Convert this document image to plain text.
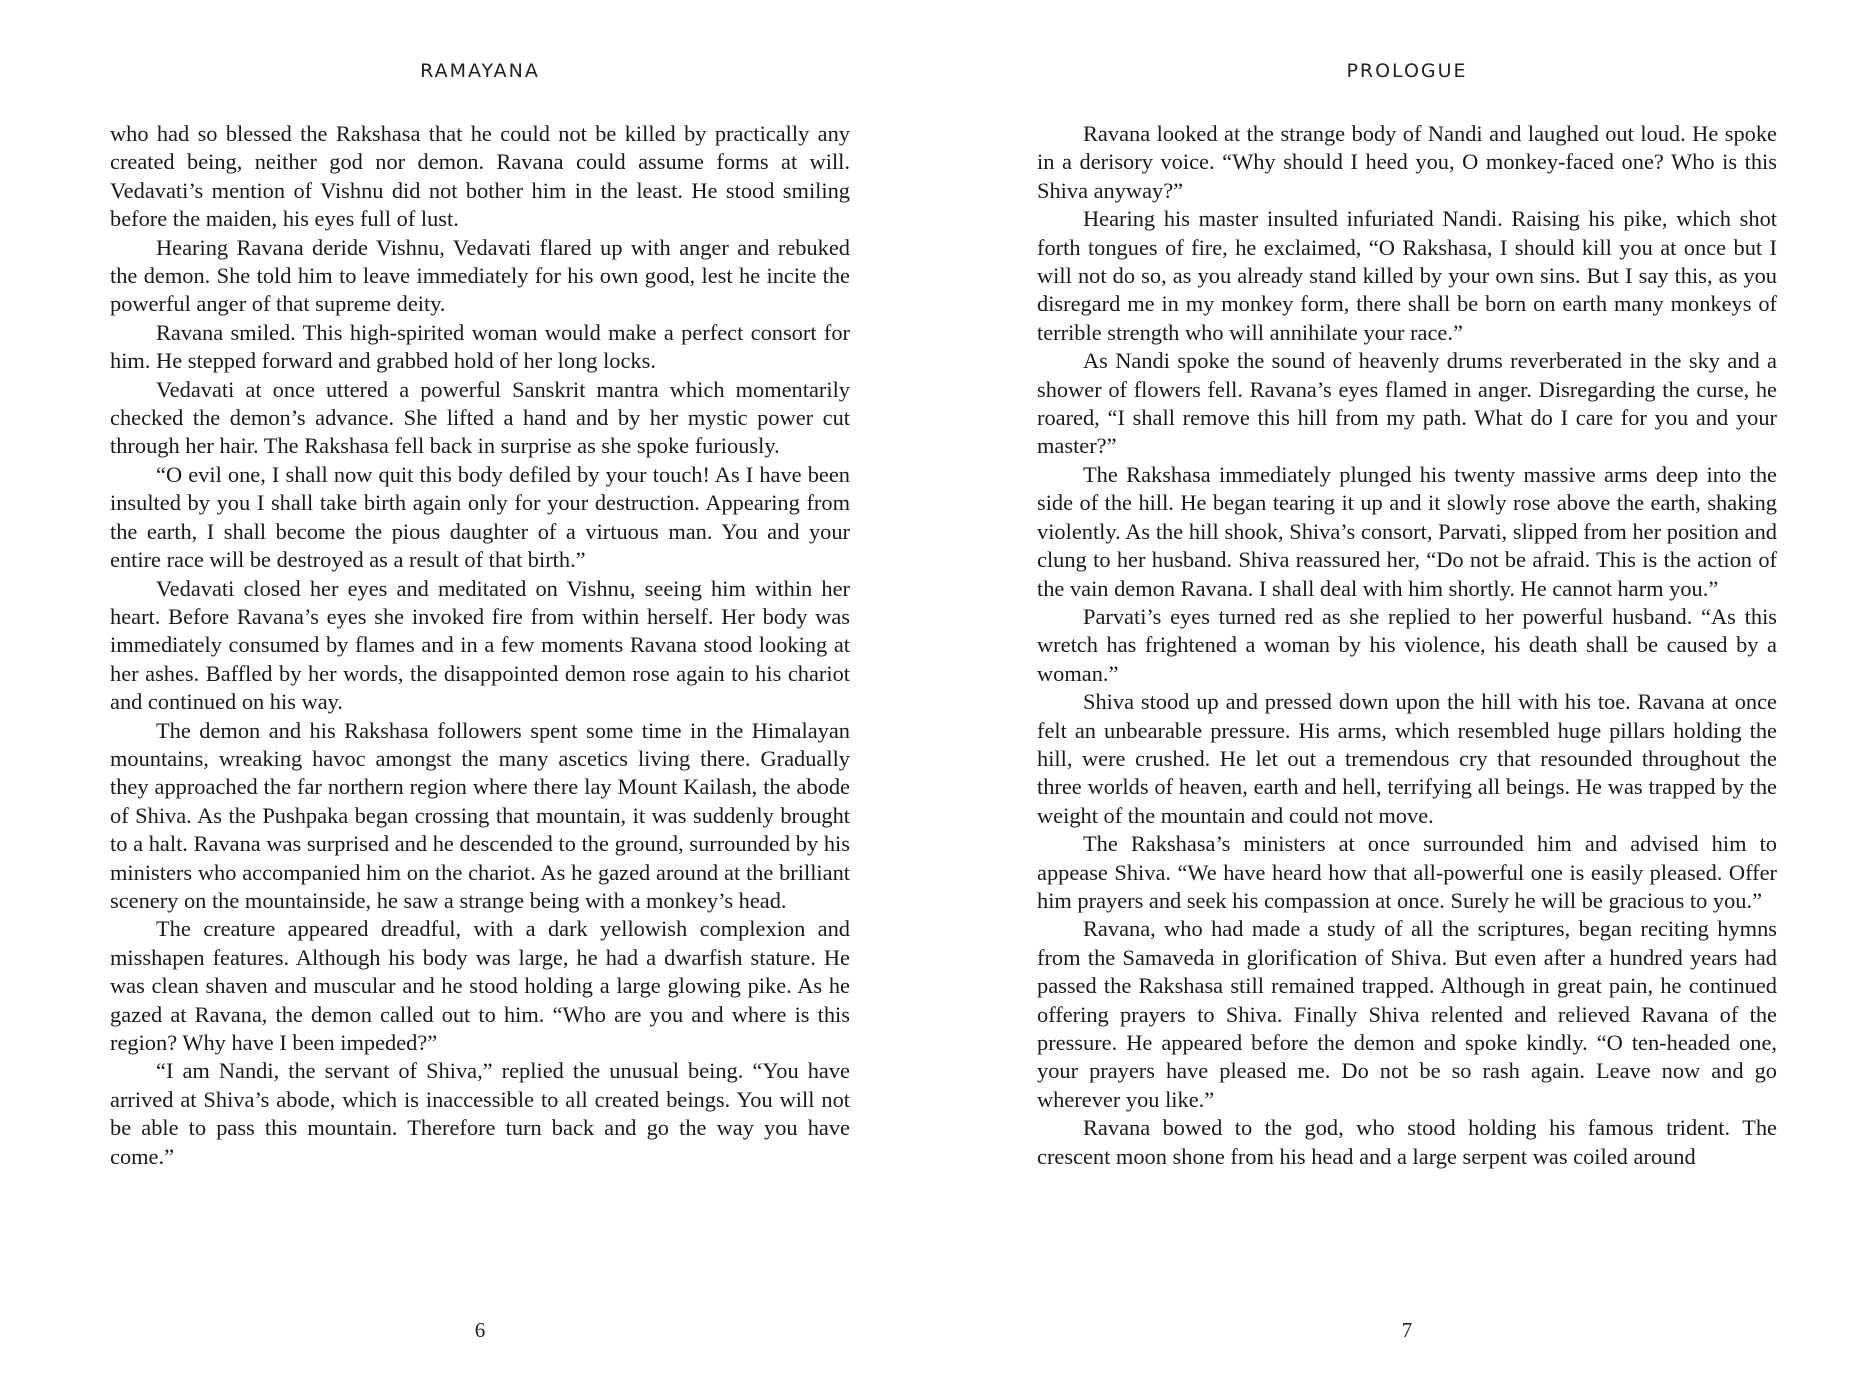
RAMAYANA

who had so blessed the Rakshasa that he could not be killed by practically any created being, neither god nor demon. Ravana could assume forms at will. Vedavati’s mention of Vishnu did not bother him in the least. He stood smiling before the maiden, his eyes full of lust.

Hearing Ravana deride Vishnu, Vedavati flared up with anger and rebuked the demon. She told him to leave immediately for his own good, lest he incite the powerful anger of that supreme deity.

Ravana smiled. This high-spirited woman would make a perfect consort for him. He stepped forward and grabbed hold of her long locks.

Vedavati at once uttered a powerful Sanskrit mantra which momentarily checked the demon’s advance. She lifted a hand and by her mystic power cut through her hair. The Rakshasa fell back in surprise as she spoke furiously.

“O evil one, I shall now quit this body defiled by your touch! As I have been insulted by you I shall take birth again only for your destruction. Appearing from the earth, I shall become the pious daughter of a virtuous man. You and your entire race will be destroyed as a result of that birth.”

Vedavati closed her eyes and meditated on Vishnu, seeing him within her heart. Before Ravana’s eyes she invoked fire from within herself. Her body was immediately consumed by flames and in a few moments Ravana stood looking at her ashes. Baffled by her words, the disappointed demon rose again to his chariot and continued on his way.

The demon and his Rakshasa followers spent some time in the Himalayan mountains, wreaking havoc amongst the many ascetics living there. Gradually they approached the far northern region where there lay Mount Kailash, the abode of Shiva. As the Pushpaka began crossing that mountain, it was suddenly brought to a halt. Ravana was surprised and he descended to the ground, surrounded by his ministers who accompanied him on the chariot. As he gazed around at the brilliant scenery on the mountainside, he saw a strange being with a monkey’s head.

The creature appeared dreadful, with a dark yellowish complexion and misshapen features. Although his body was large, he had a dwarfish stature. He was clean shaven and muscular and he stood holding a large glowing pike. As he gazed at Ravana, the demon called out to him. “Who are you and where is this region? Why have I been impeded?”

“I am Nandi, the servant of Shiva,” replied the unusual being. “You have arrived at Shiva’s abode, which is inaccessible to all created beings. You will not be able to pass this mountain. Therefore turn back and go the way you have come.”

6
PROLOGUE

Ravana looked at the strange body of Nandi and laughed out loud. He spoke in a derisory voice. “Why should I heed you, O monkey-faced one? Who is this Shiva anyway?”

Hearing his master insulted infuriated Nandi. Raising his pike, which shot forth tongues of fire, he exclaimed, “O Rakshasa, I should kill you at once but I will not do so, as you already stand killed by your own sins. But I say this, as you disregard me in my monkey form, there shall be born on earth many monkeys of terrible strength who will annihilate your race.”

As Nandi spoke the sound of heavenly drums reverberated in the sky and a shower of flowers fell. Ravana’s eyes flamed in anger. Disregarding the curse, he roared, “I shall remove this hill from my path. What do I care for you and your master?”

The Rakshasa immediately plunged his twenty massive arms deep into the side of the hill. He began tearing it up and it slowly rose above the earth, shaking violently. As the hill shook, Shiva’s consort, Parvati, slipped from her position and clung to her husband. Shiva reassured her, “Do not be afraid. This is the action of the vain demon Ravana. I shall deal with him shortly. He cannot harm you.”

Parvati’s eyes turned red as she replied to her powerful husband. “As this wretch has frightened a woman by his violence, his death shall be caused by a woman.”

Shiva stood up and pressed down upon the hill with his toe. Ravana at once felt an unbearable pressure. His arms, which resembled huge pillars holding the hill, were crushed. He let out a tremendous cry that resounded throughout the three worlds of heaven, earth and hell, terrifying all beings. He was trapped by the weight of the mountain and could not move.

The Rakshasa’s ministers at once surrounded him and advised him to appease Shiva. “We have heard how that all-powerful one is easily pleased. Offer him prayers and seek his compassion at once. Surely he will be gracious to you.”

Ravana, who had made a study of all the scriptures, began reciting hymns from the Samaveda in glorification of Shiva. But even after a hundred years had passed the Rakshasa still remained trapped. Although in great pain, he continued offering prayers to Shiva. Finally Shiva relented and relieved Ravana of the pressure. He appeared before the demon and spoke kindly. “O ten-headed one, your prayers have pleased me. Do not be so rash again. Leave now and go wherever you like.”

Ravana bowed to the god, who stood holding his famous trident. The crescent moon shone from his head and a large serpent was coiled around

7
